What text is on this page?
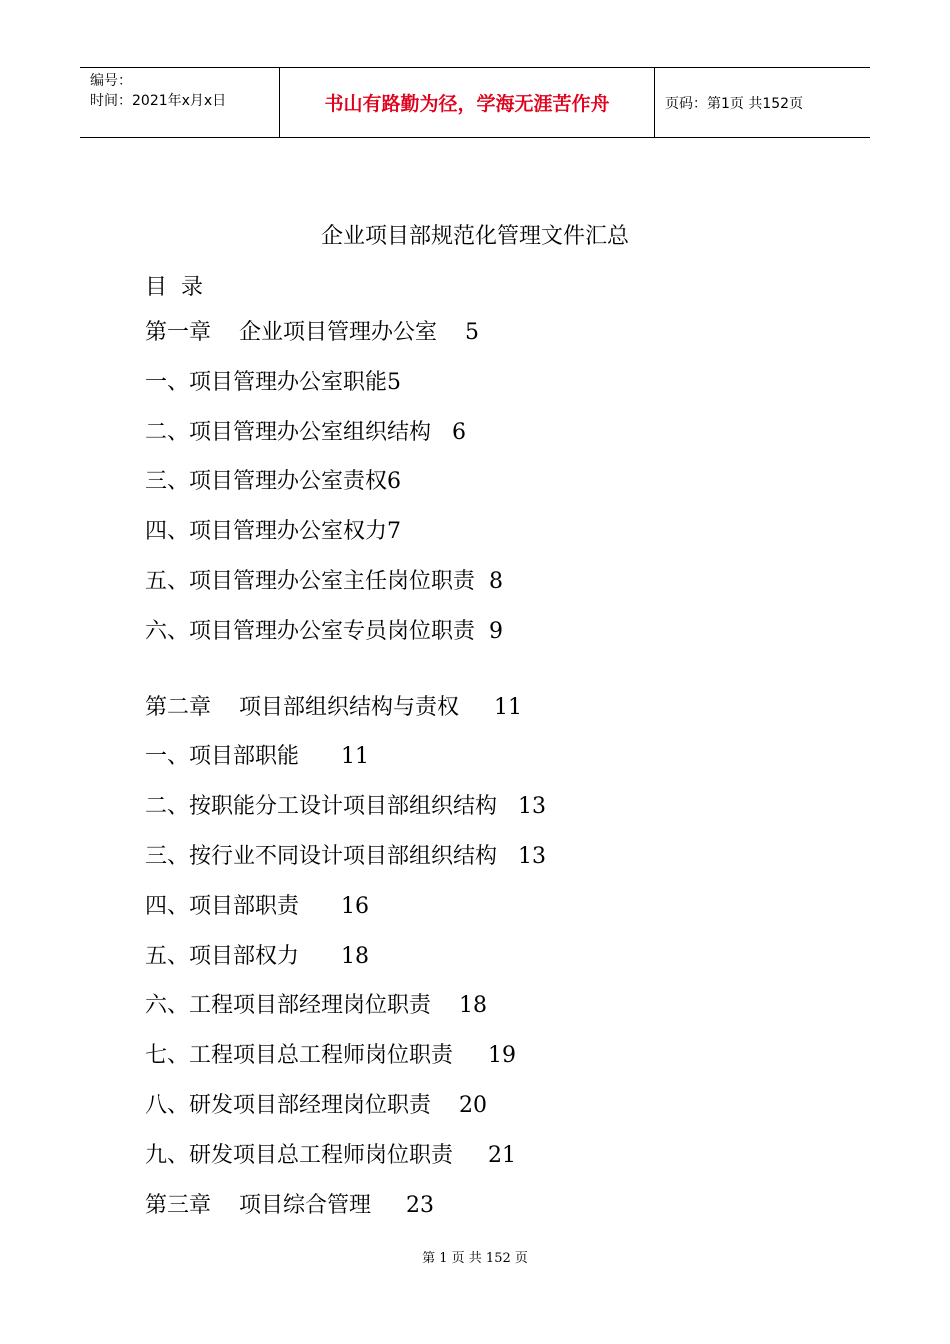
编号：
时间：2021年x月x日	书山有路勤为径，学海无涯苦作舟	页码：第1页 共152页
企业项目部规范化管理文件汇总
目录
第一章    企业项目管理办公室 5
一、项目管理办公室职能5
二、项目管理办公室组织结构 6
三、项目管理办公室责权6
四、项目管理办公室权力7
五、项目管理办公室主任岗位职责 8
六、项目管理办公室专员岗位职责 9
第二章    项目部组织结构与责权 11
一、项目部职能 11
二、按职能分工设计项目部组织结构 13
三、按行业不同设计项目部组织结构 13
四、项目部职责 16
五、项目部权力 18
六、工程项目部经理岗位职责 18
七、工程项目总工程师岗位职责 19
八、研发项目部经理岗位职责 20
九、研发项目总工程师岗位职责 21
第三章    项目综合管理 23
第 1 页 共 152 页
